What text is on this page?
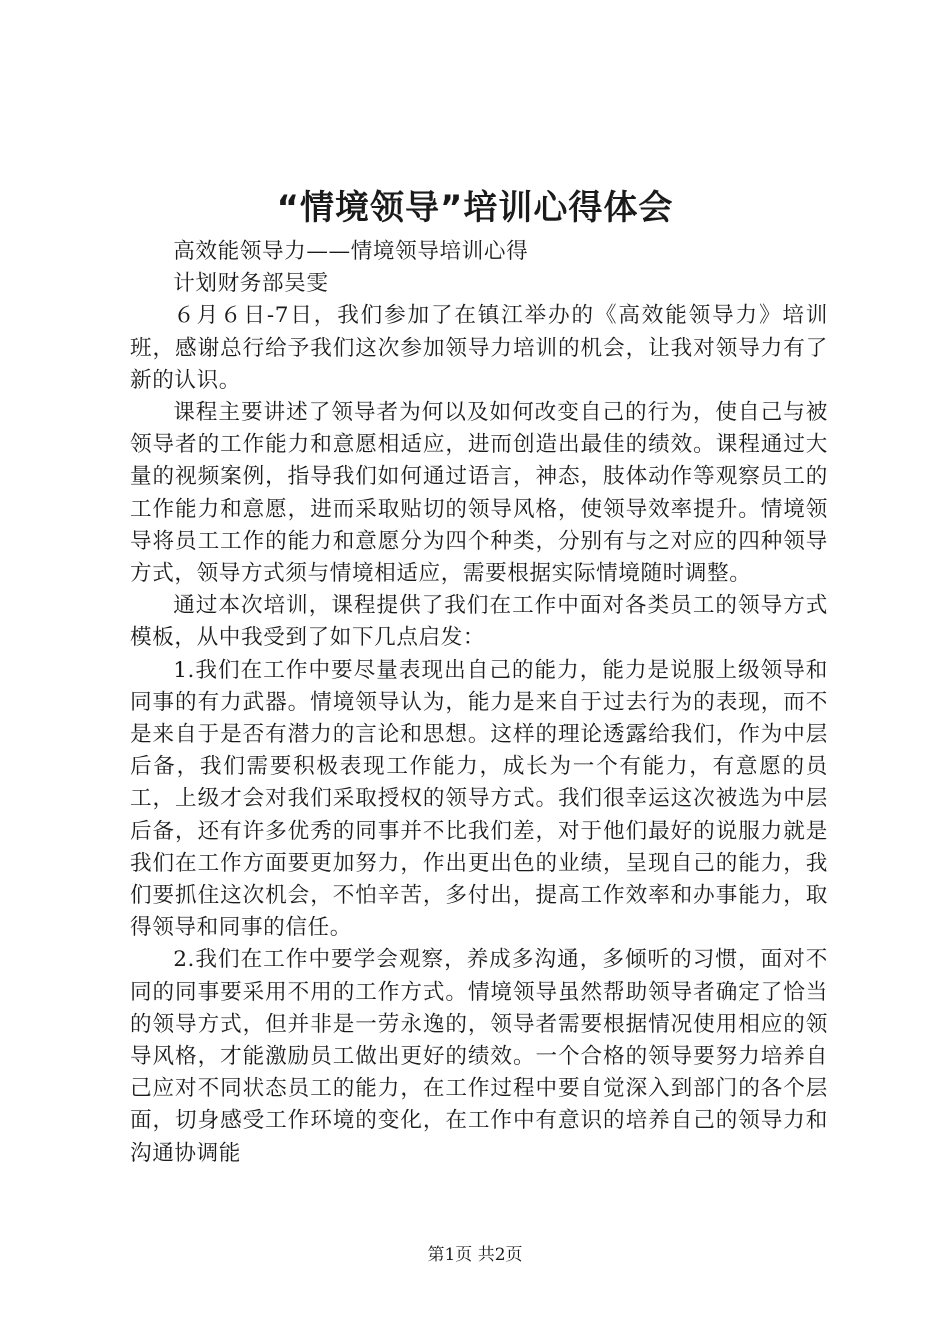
“情境领导”培训心得体会

高效能领导力——情境领导培训心得

计划财务部吴雯

６月６日-7日，我们参加了在镇江举办的《高效能领导力》培训班，感谢总行给予我们这次参加领导力培训的机会，让我对领导力有了新的认识。

课程主要讲述了领导者为何以及如何改变自己的行为，使自己与被领导者的工作能力和意愿相适应，进而创造出最佳的绩效。课程通过大量的视频案例，指导我们如何通过语言，神态，肢体动作等观察员工的工作能力和意愿，进而采取贴切的领导风格，使领导效率提升。情境领导将员工工作的能力和意愿分为四个种类，分别有与之对应的四种领导方式，领导方式须与情境相适应，需要根据实际情境随时调整。

通过本次培训，课程提供了我们在工作中面对各类员工的领导方式模板，从中我受到了如下几点启发：

1.我们在工作中要尽量表现出自己的能力，能力是说服上级领导和同事的有力武器。情境领导认为，能力是来自于过去行为的表现，而不是来自于是否有潜力的言论和思想。这样的理论透露给我们，作为中层后备，我们需要积极表现工作能力，成长为一个有能力，有意愿的员工，上级才会对我们采取授权的领导方式。我们很幸运这次被选为中层后备，还有许多优秀的同事并不比我们差，对于他们最好的说服力就是我们在工作方面要更加努力，作出更出色的业绩，呈现自己的能力，我们要抓住这次机会，不怕辛苦，多付出，提高工作效率和办事能力，取得领导和同事的信任。

2.我们在工作中要学会观察，养成多沟通，多倾听的习惯，面对不同的同事要采用不用的工作方式。情境领导虽然帮助领导者确定了恰当的领导方式，但并非是一劳永逸的，领导者需要根据情况使用相应的领导风格，才能激励员工做出更好的绩效。一个合格的领导要努力培养自己应对不同状态员工的能力，在工作过程中要自觉深入到部门的各个层面，切身感受工作环境的变化，在工作中有意识的培养自己的领导力和沟通协调能

第1页 共2页
